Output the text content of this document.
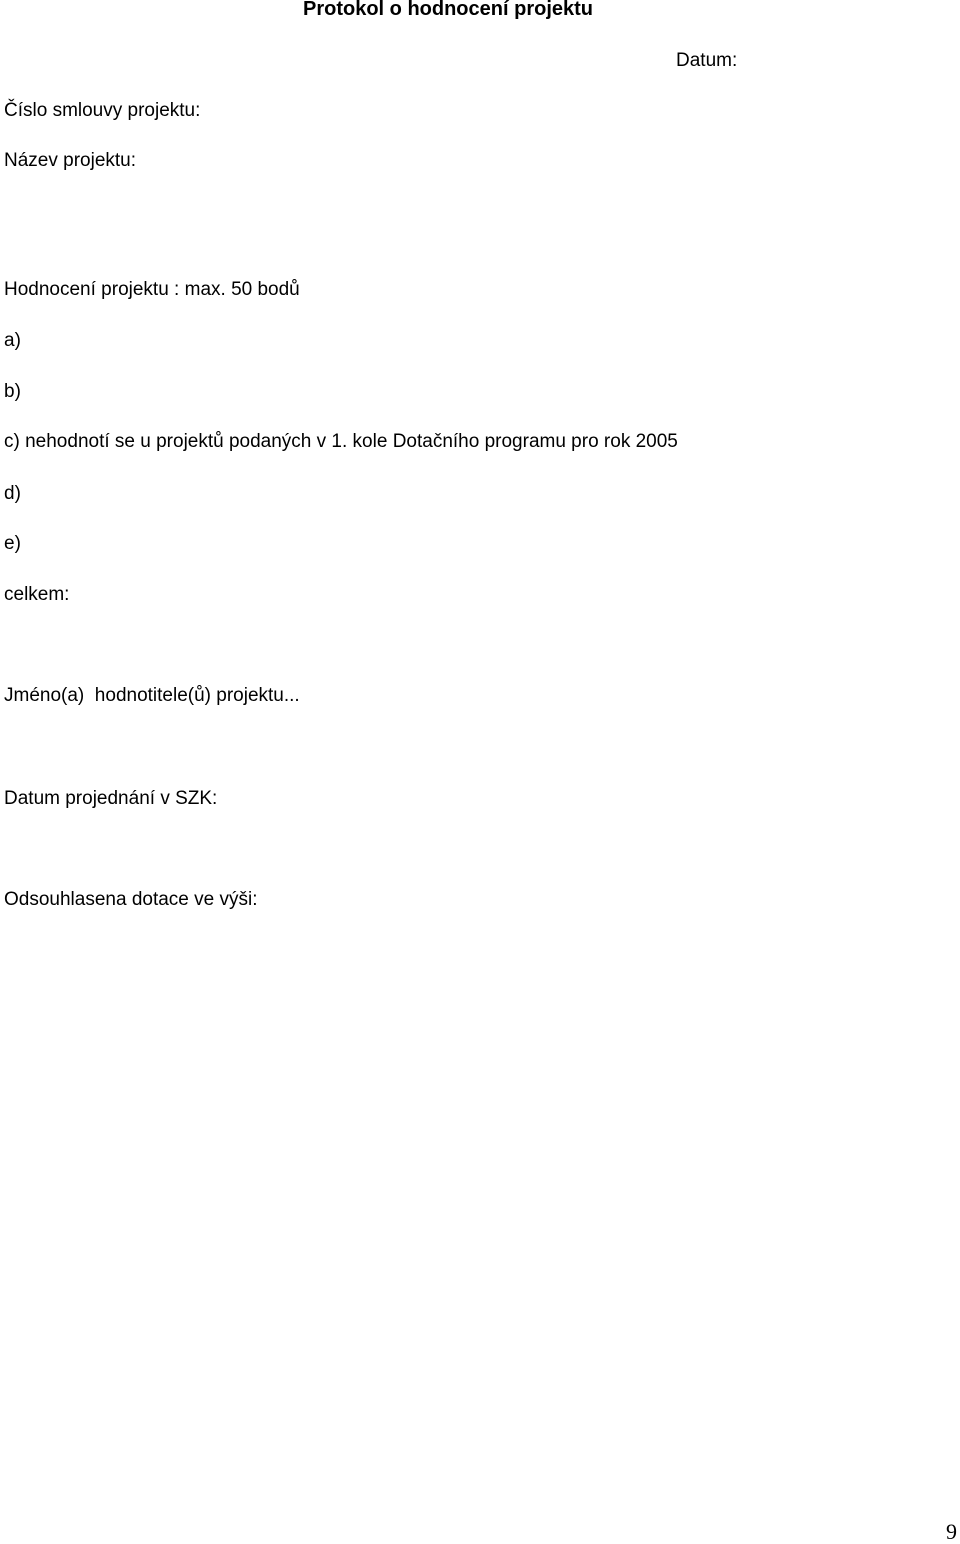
Protokol o hodnocení projektu
Datum:
Číslo smlouvy projektu:
Název projektu:
Hodnocení projektu : max. 50 bodů
a)
b)
c) nehodnotí se u projektů podaných v 1. kole Dotačního programu pro rok 2005
d)
e)
celkem:
Jméno(a)  hodnotitele(ů) projektu...
Datum projednání v SZK:
Odsouhlasena dotace ve výši:
9
